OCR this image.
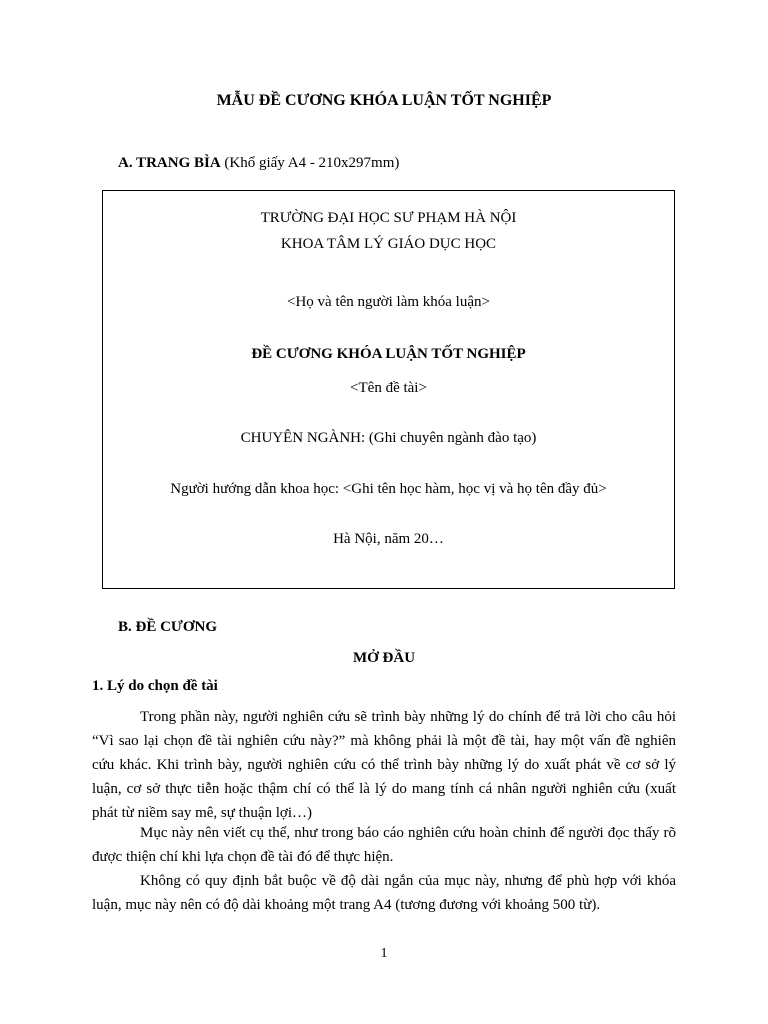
MẪU ĐỀ CƯƠNG KHÓA LUẬN TỐT NGHIỆP
A. TRANG BÌA (Khổ giấy A4 - 210x297mm)
TRƯỜNG ĐẠI HỌC SƯ PHẠM HÀ NỘI
KHOA TÂM LÝ GIÁO DỤC HỌC
<Họ và tên người làm khóa luận>
ĐỀ CƯƠNG KHÓA LUẬN TỐT NGHIỆP
<Tên đề tài>
CHUYÊN NGÀNH: (Ghi chuyên ngành đào tạo)
Người hướng dẫn khoa học: <Ghi tên học hàm, học vị và họ tên đầy đủ>
Hà Nội, năm 20…
B. ĐỀ CƯƠNG
MỞ ĐẦU
1. Lý do chọn đề tài

Trong phần này, người nghiên cứu sẽ trình bày những lý do chính để trả lời cho câu hỏi “Vì sao lại chọn đề tài nghiên cứu này?” mà không phải là một đề tài, hay một vấn đề nghiên cứu khác. Khi trình bày, người nghiên cứu có thể trình bày những lý do xuất phát về cơ sở lý luận, cơ sở thực tiễn hoặc thậm chí có thể là lý do mang tính cá nhân người nghiên cứu (xuất phát từ niềm say mê, sự thuận lợi…)

Mục này nên viết cụ thể, như trong báo cáo nghiên cứu hoàn chỉnh để người đọc thấy rõ được thiện chí khi lựa chọn đề tài đó để thực hiện.

Không có quy định bắt buộc về độ dài ngắn của mục này, nhưng để phù hợp với khóa luận, mục này nên có độ dài khoảng một trang A4 (tương đương với khoảng 500 từ).

1
